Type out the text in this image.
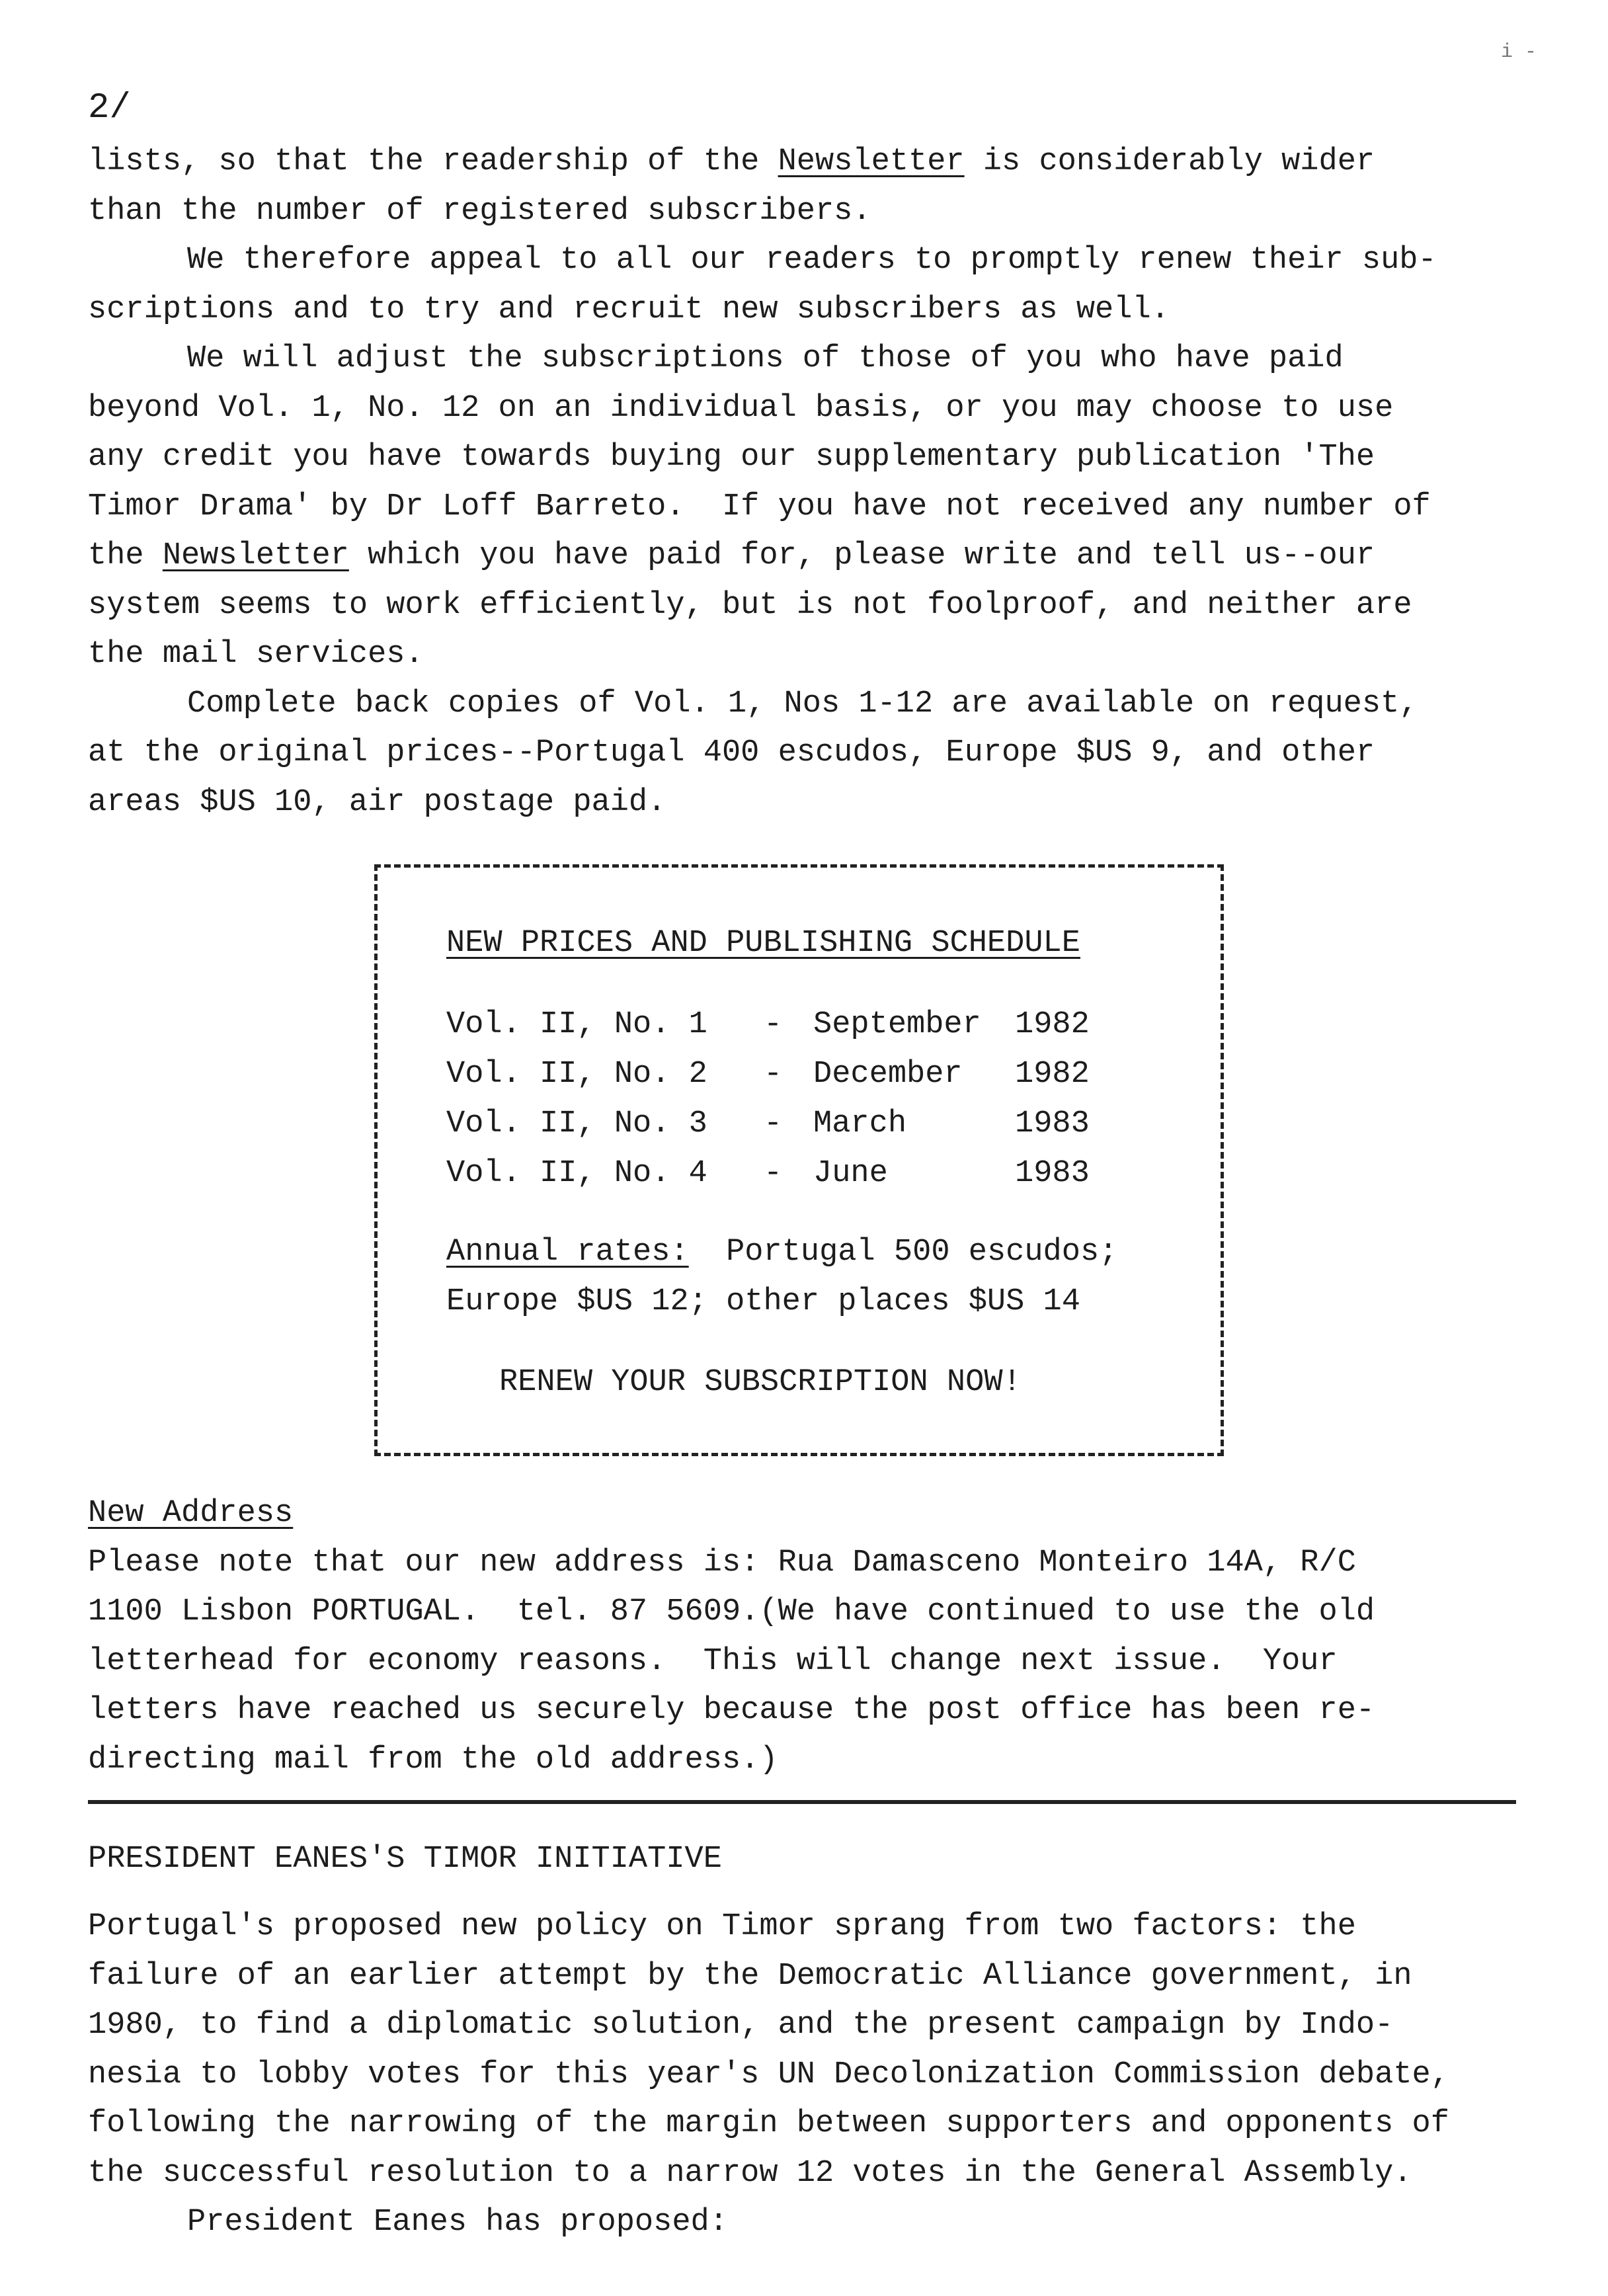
i -
2/
lists, so that the readership of the Newsletter is considerably wider
than the number of registered subscribers.
We therefore appeal to all our readers to promptly renew their sub-
scriptions and to try and recruit new subscribers as well.
We will adjust the subscriptions of those of you who have paid
beyond Vol. 1, No. 12 on an individual basis, or you may choose to use
any credit you have towards buying our supplementary publication 'The
Timor Drama' by Dr Loff Barreto.  If you have not received any number of
the Newsletter which you have paid for, please write and tell us--our
system seems to work efficiently, but is not foolproof, and neither are
the mail services.
Complete back copies of Vol. 1, Nos 1-12 are available on request,
at the original prices--Portugal 400 escudos, Europe $US 9, and other
areas $US 10, air postage paid.
NEW PRICES AND PUBLISHING SCHEDULE
Vol. II, No. 1	- September	1982
Vol. II, No. 2	- December	1982
Vol. II, No. 3	- March	1983
Vol. II, No. 4	- June	1983
Annual rates:  Portugal 500 escudos;
Europe $US 12; other places $US 14
RENEW YOUR SUBSCRIPTION NOW!
New Address
Please note that our new address is: Rua Damasceno Monteiro 14A, R/C
1100 Lisbon PORTUGAL.  tel. 87 5609.(We have continued to use the old
letterhead for economy reasons.  This will change next issue.  Your
letters have reached us securely because the post office has been re-
directing mail from the old address.)
PRESIDENT EANES'S TIMOR INITIATIVE
Portugal's proposed new policy on Timor sprang from two factors: the
failure of an earlier attempt by the Democratic Alliance government, in
1980, to find a diplomatic solution, and the present campaign by Indo-
nesia to lobby votes for this year's UN Decolonization Commission debate,
following the narrowing of the margin between supporters and opponents of
the successful resolution to a narrow 12 votes in the General Assembly.
President Eanes has proposed:
